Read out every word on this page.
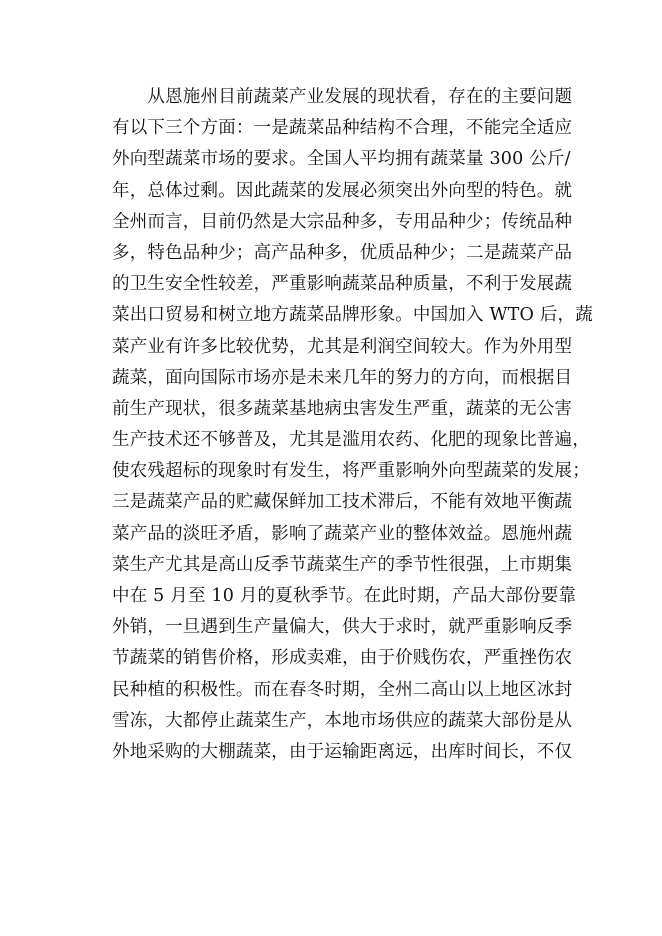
　　从恩施州目前蔬菜产业发展的现状看，存在的主要问题
有以下三个方面：一是蔬菜品种结构不合理，不能完全适应
外向型蔬菜市场的要求。全国人平均拥有蔬菜量 300 公斤/
年，总体过剩。因此蔬菜的发展必须突出外向型的特色。就
全州而言，目前仍然是大宗品种多，专用品种少；传统品种
多，特色品种少；高产品种多，优质品种少；二是蔬菜产品
的卫生安全性较差，严重影响蔬菜品种质量，不利于发展蔬
菜出口贸易和树立地方蔬菜品牌形象。中国加入 WTO 后，蔬
菜产业有许多比较优势，尤其是利润空间较大。作为外用型
蔬菜，面向国际市场亦是未来几年的努力的方向，而根据目
前生产现状，很多蔬菜基地病虫害发生严重，蔬菜的无公害
生产技术还不够普及，尤其是滥用农药、化肥的现象比普遍，
使农残超标的现象时有发生，将严重影响外向型蔬菜的发展；
三是蔬菜产品的贮藏保鲜加工技术滞后，不能有效地平衡蔬
菜产品的淡旺矛盾，影响了蔬菜产业的整体效益。恩施州蔬
菜生产尤其是高山反季节蔬菜生产的季节性很强，上市期集
中在 5 月至 10 月的夏秋季节。在此时期，产品大部份要靠
外销，一旦遇到生产量偏大，供大于求时，就严重影响反季
节蔬菜的销售价格，形成卖难，由于价贱伤农，严重挫伤农
民种植的积极性。而在春冬时期，全州二高山以上地区冰封
雪冻，大都停止蔬菜生产，本地市场供应的蔬菜大部份是从
外地采购的大棚蔬菜，由于运输距离远，出库时间长，不仅
